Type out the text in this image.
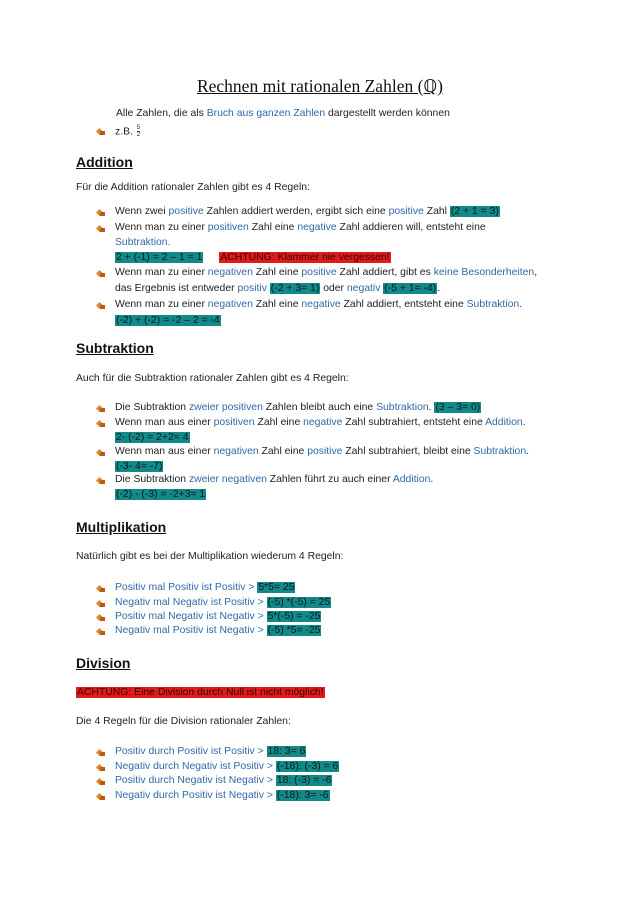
Rechnen mit rationalen Zahlen (ℚ)
Alle Zahlen, die als Bruch aus ganzen Zahlen dargestellt werden können
z.B. $\frac{5}{2}$
Addition
Für die Addition rationaler Zahlen gibt es 4 Regeln:
Wenn zwei positive Zahlen addiert werden, ergibt sich eine positive Zahl (2 + 1 = 3)
Wenn man zu einer positiven Zahl eine negative Zahl addieren will, entsteht eine
Subtraktion.
2 + (-1) = 2 – 1 = 1 ACHTUNG: Klammer nie vergessen!
Wenn man zu einer negativen Zahl eine positive Zahl addiert, gibt es keine Besonderheiten,
das Ergebnis ist entweder positiv (-2 + 3= 1) oder negativ (-5 + 1= -4).
Wenn man zu einer negativen Zahl eine negative Zahl addiert, entsteht eine Subtraktion.
(-2) + (-2) = -2 – 2 = -4
Subtraktion
Auch für die Subtraktion rationaler Zahlen gibt es 4 Regeln:
Die Subtraktion zweier positiven Zahlen bleibt auch eine Subtraktion. (3 – 3= 0)
Wenn man aus einer positiven Zahl eine negative Zahl subtrahiert, entsteht eine Addition.
2- (-2) = 2+2= 4
Wenn man aus einer negativen Zahl eine positive Zahl subtrahiert, bleibt eine Subtraktion.
(-3- 4= -7)
Die Subtraktion zweier negativen Zahlen führt zu auch einer Addition.
(-2) - (-3) = -2+3= 1
Multiplikation
Natürlich gibt es bei der Multiplikation wiederum 4 Regeln:
Positiv mal Positiv ist Positiv > 5*5= 25
Negativ mal Negativ ist Positiv > (-5) *(-5) = 25
Positiv mal Negativ ist Negativ > 5*(-5) = -25
Negativ mal Positiv ist Negativ > (-5) *5= -25
Division
ACHTUNG: Eine Division durch Null ist nicht möglich!
Die 4 Regeln für die Division rationaler Zahlen:
Positiv durch Positiv ist Positiv > 18: 3= 6
Negativ durch Negativ ist Positiv > (-18): (-3) = 6
Positiv durch Negativ ist Negativ > 18: (-3) = -6
Negativ durch Positiv ist Negativ > (-18): 3= -6
